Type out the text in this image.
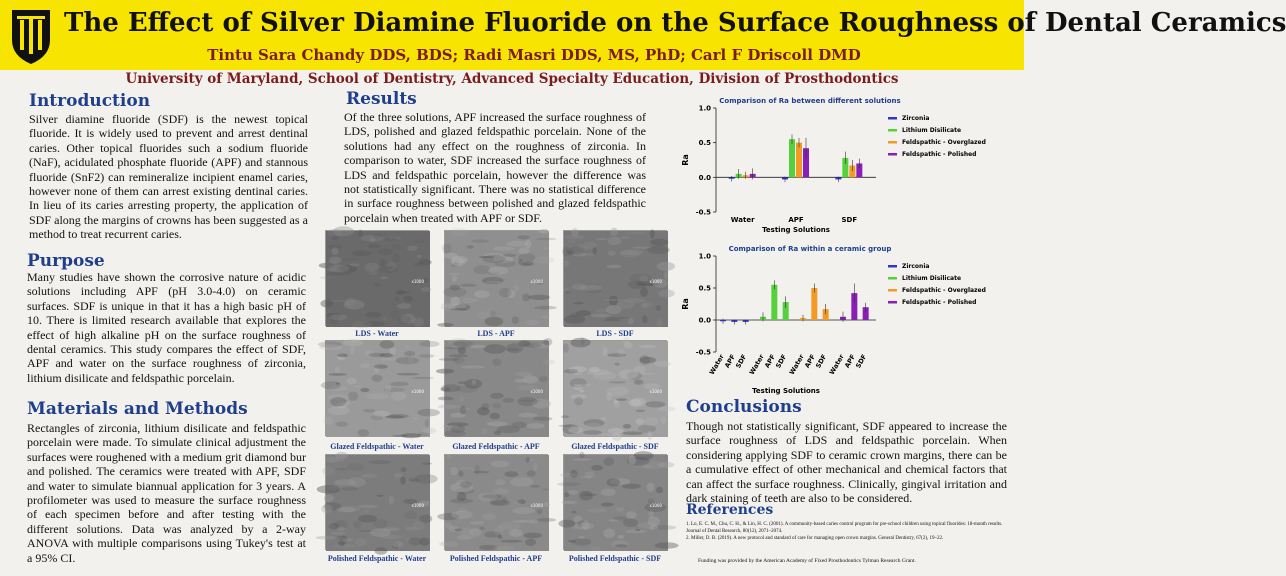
The Effect of Silver Diamine Fluoride on the Surface Roughness of Dental Ceramics
Tintu Sara Chandy DDS, BDS; Radi Masri DDS, MS, PhD; Carl F Driscoll DMD
University of Maryland, School of Dentistry, Advanced Specialty Education, Division of Prosthodontics
Introduction
Silver diamine fluoride (SDF) is the newest topical fluoride. It is widely used to prevent and arrest dentinal caries. Other topical fluorides such a sodium fluoride (NaF), acidulated phosphate fluoride (APF) and stannous fluoride (SnF2) can remineralize incipient enamel caries, however none of them can arrest existing dentinal caries. In lieu of its caries arresting property, the application of SDF along the margins of crowns has been suggested as a method to treat recurrent caries.
Purpose
Many studies have shown the corrosive nature of acidic solutions including APF (pH 3.0-4.0) on ceramic surfaces. SDF is unique in that it has a high basic pH of 10. There is limited research available that explores the effect of high alkaline pH on the surface roughness of dental ceramics. This study compares the effect of SDF, APF and water on the surface roughness of zirconia, lithium disilicate and feldspathic porcelain.
Materials and Methods
Rectangles of zirconia, lithium disilicate and feldspathic porcelain were made. To simulate clinical adjustment the surfaces were roughened with a medium grit diamond bur and polished. The ceramics were treated with APF, SDF and water to simulate biannual application for 3 years. A profilometer was used to measure the surface roughness of each specimen before and after testing with the different solutions. Data was analyzed by a 2-way ANOVA with multiple comparisons using Tukey's test at a 95% CI.
Results
Of the three solutions, APF increased the surface roughness of LDS, polished and glazed feldspathic porcelain. None of the solutions had any effect on the roughness of zirconia. In comparison to water, SDF increased the surface roughness of LDS and feldspathic porcelain, however the difference was not statistically significant. There was no statistical difference in surface roughness between polished and glazed feldspathic porcelain when treated with APF or SDF.
x1000
LDS - Water
x1000
LDS - APF
x1000
LDS - SDF
x1000
Glazed Feldspathic - Water
x1000
Glazed Feldspathic - APF
x1000
Glazed Feldspathic - SDF
x1000
Polished Feldspathic - Water
x1000
Polished Feldspathic - APF
x1000
Polished Feldspathic - SDF
Comparison of Ra between different solutions
-0.5
0.0
0.5
1.0
Ra
Water	APF	SDF
Testing Solutions
Zirconia
Lithium Disilicate
Feldspathic - Overglazed
Feldspathic - Polished
Comparison of Ra within a ceramic group
-0.5
0.0
0.5
1.0
Ra
Water
APF
SDF Water
APF
SDF Water
APF
SDF Water
APF
SDF
Testing Solutions
Zirconia
Lithium Disilicate
Feldspathic - Overglazed
Feldspathic - Polished
Conclusions
Though not statistically significant, SDF appeared to increase the surface roughness of LDS and feldspathic porcelain. When considering applying SDF to ceramic crown margins, there can be a cumulative effect of other mechanical and chemical factors that can affect the surface roughness. Clinically, gingival irritation and dark staining of teeth are also to be considered.
References
1. Lo, E. C. M., Chu, C. H., & Lin, H. C. (2001). A community-based caries control program for pre-school children using topical fluorides: 18-month results. Journal of Dental Research, 80(12), 2071–2074.
2. Miller, D. B. (2019). A new protocol and standard of care for managing open crown margins. General Dentistry, 67(2), 19–22.
Funding was provided by the American Academy of Fixed Prosthodontics Tylman Research Grant.
